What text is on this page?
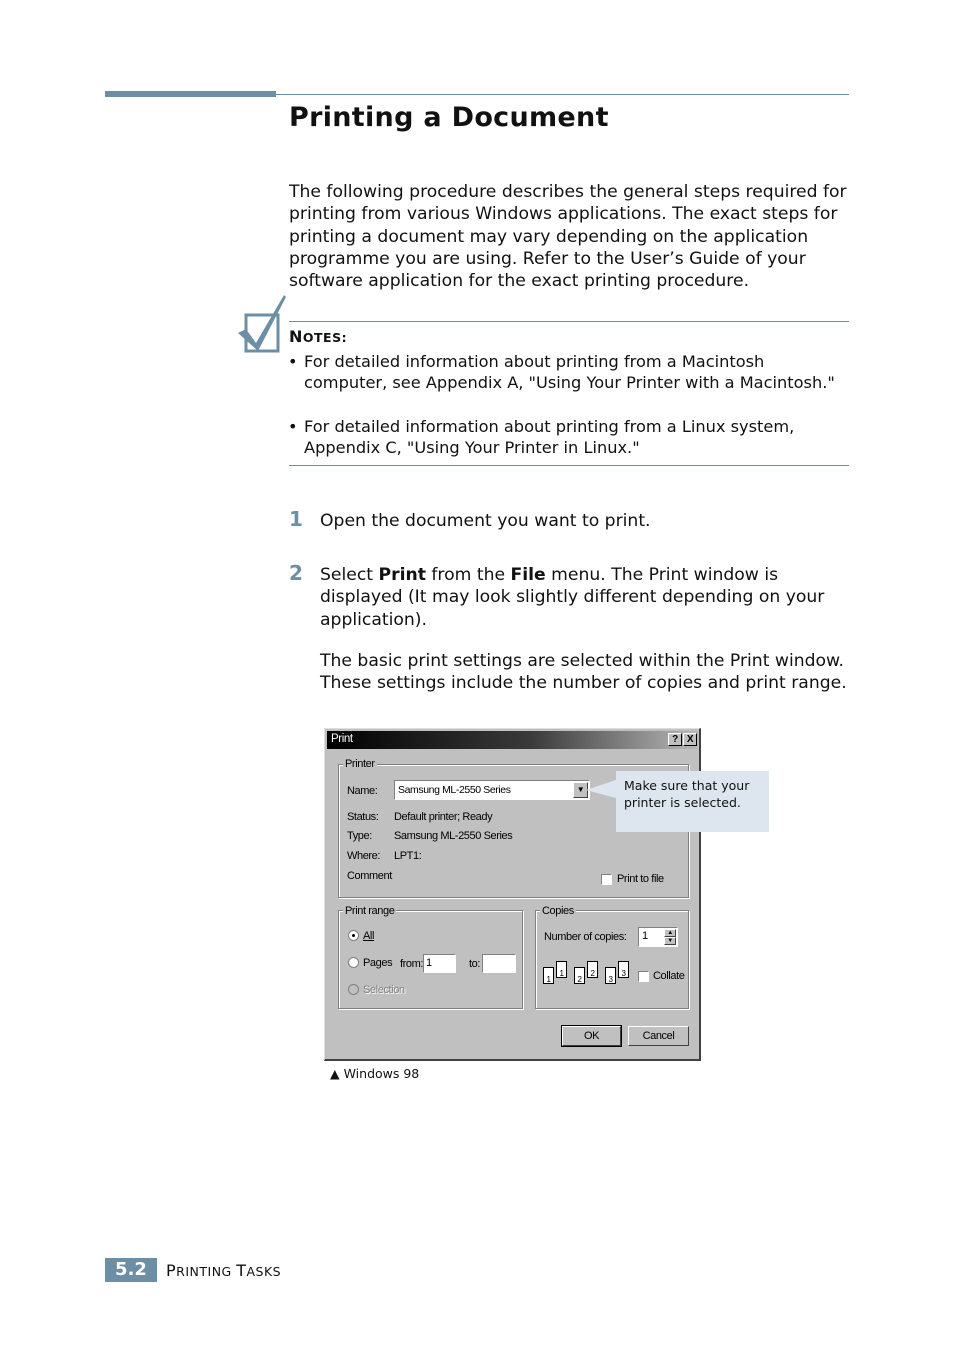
Printing a Document
The following procedure describes the general steps required for printing from various Windows applications. The exact steps for printing a document may vary depending on the application programme you are using. Refer to the User’s Guide of your software application for the exact printing procedure.
NOTES:
• For detailed information about printing from a Macintosh computer, see Appendix A, "Using Your Printer with a Macintosh."
• For detailed information about printing from a Linux system, Appendix C, "Using Your Printer in Linux."
1 Open the document you want to print.
2 Select Print from the File menu. The Print window is displayed (It may look slightly different depending on your application).
The basic print settings are selected within the Print window. These settings include the number of copies and print range.
Print	? X
Printer
Name: Samsung ML-2550 Series	▼
Status: Default printer; Ready
Type: Samsung ML-2550 Series
Where: LPT1:
Comment	Print to file
Print range
All
Pages from: 1	to:
Selection
Copies
Number of copies: 1	▲
▼
1
1
2
2
3
3	Collate
OK	Cancel
Make sure that your printer is selected.
▲ Windows 98
5.2	PRINTING TASKS
